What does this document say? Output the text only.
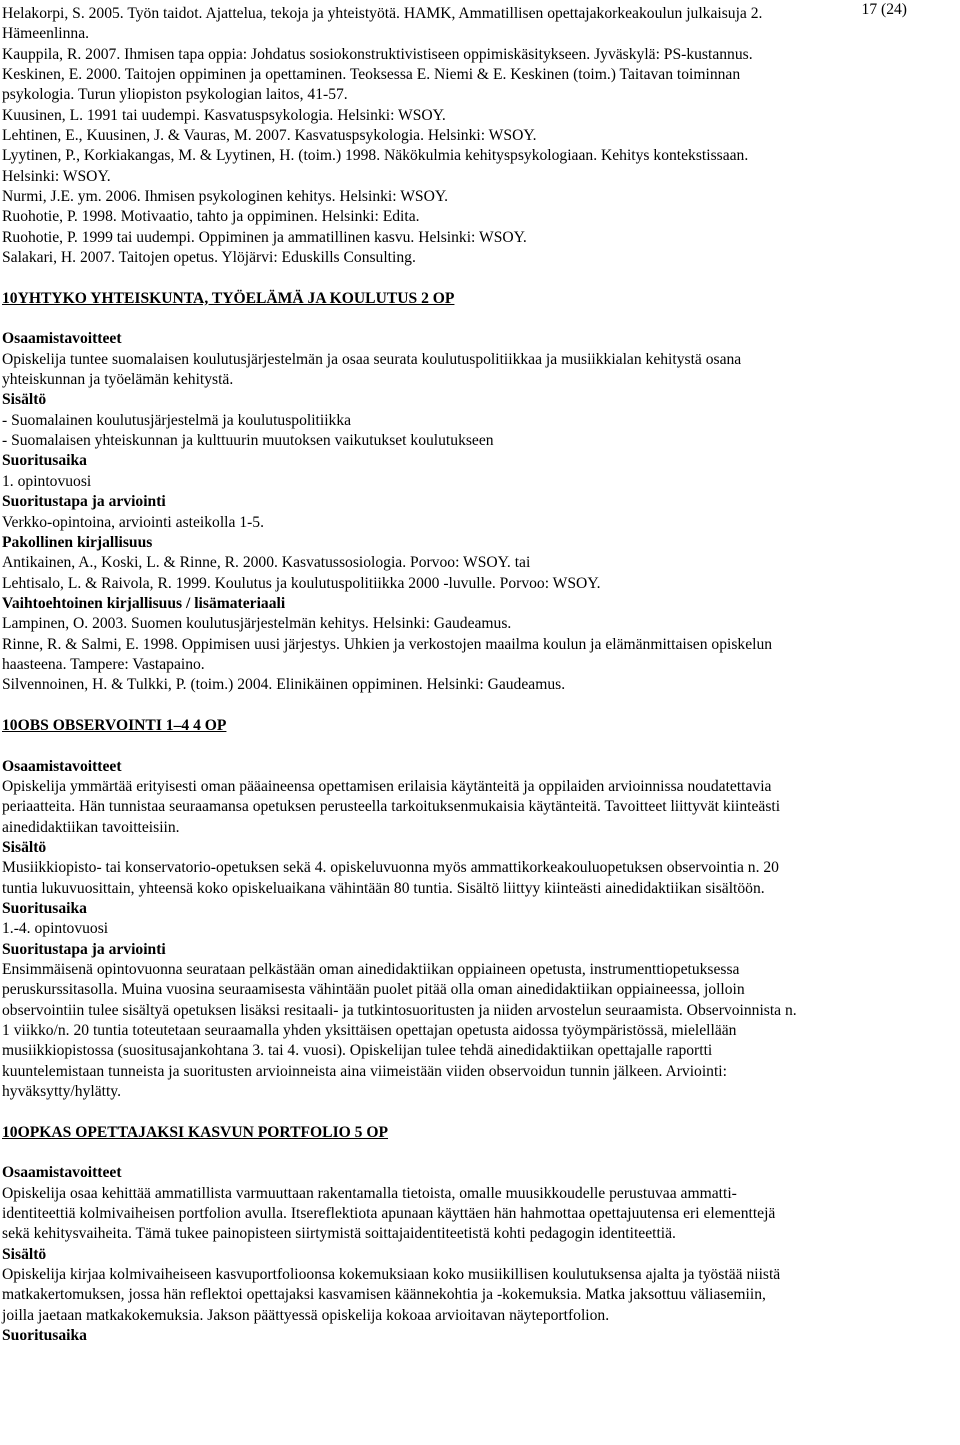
17 (24)
Helakorpi, S. 2005. Työn taidot. Ajattelua, tekoja ja yhteistyötä. HAMK, Ammatillisen opettajakorkeakoulun julkaisuja 2.
Hämeenlinna.
Kauppila, R. 2007. Ihmisen tapa oppia: Johdatus sosiokonstruktivistiseen oppimiskäsitykseen. Jyväskylä: PS-kustannus.
Keskinen, E. 2000. Taitojen oppiminen ja opettaminen. Teoksessa E. Niemi & E. Keskinen (toim.) Taitavan toiminnan
psykologia. Turun yliopiston psykologian laitos, 41-57.
Kuusinen, L. 1991 tai uudempi. Kasvatuspsykologia. Helsinki: WSOY.
Lehtinen, E., Kuusinen, J. & Vauras, M. 2007. Kasvatuspsykologia. Helsinki: WSOY.
Lyytinen, P., Korkiakangas, M. & Lyytinen, H. (toim.) 1998. Näkökulmia kehityspsykologiaan. Kehitys kontekstissaan.
Helsinki: WSOY.
Nurmi, J.E. ym. 2006. Ihmisen psykologinen kehitys. Helsinki: WSOY.
Ruohotie, P. 1998. Motivaatio, tahto ja oppiminen. Helsinki: Edita.
Ruohotie, P. 1999 tai uudempi. Oppiminen ja ammatillinen kasvu. Helsinki: WSOY.
Salakari, H. 2007. Taitojen opetus. Ylöjärvi: Eduskills Consulting.
10YHTYKO YHTEISKUNTA, TYÖELÄMÄ JA KOULUTUS 2 OP
Osaamistavoitteet
Opiskelija tuntee suomalaisen koulutusjärjestelmän ja osaa seurata koulutuspolitiikkaa ja musiikkialan kehitystä osana
yhteiskunnan ja työelämän kehitystä.
Sisältö
- Suomalainen koulutusjärjestelmä ja koulutuspolitiikka
- Suomalaisen yhteiskunnan ja kulttuurin muutoksen vaikutukset koulutukseen
Suoritusaika
1. opintovuosi
Suoritustapa ja arviointi
Verkko-opintoina, arviointi asteikolla 1-5.
Pakollinen kirjallisuus
Antikainen, A., Koski, L. & Rinne, R. 2000. Kasvatussosiologia. Porvoo: WSOY. tai
Lehtisalo, L. & Raivola, R. 1999. Koulutus ja koulutuspolitiikka 2000 -luvulle. Porvoo: WSOY.
Vaihtoehtoinen kirjallisuus / lisämateriaali
Lampinen, O. 2003. Suomen koulutusjärjestelmän kehitys. Helsinki: Gaudeamus.
Rinne, R. & Salmi, E. 1998. Oppimisen uusi järjestys. Uhkien ja verkostojen maailma koulun ja elämänmittaisen opiskelun
haasteena. Tampere: Vastapaino.
Silvennoinen, H. & Tulkki, P. (toim.) 2004. Elinikäinen oppiminen. Helsinki: Gaudeamus.
10OBS OBSERVOINTI 1–4 4 OP
Osaamistavoitteet
Opiskelija ymmärtää erityisesti oman pääaineensa opettamisen erilaisia käytänteitä ja oppilaiden arvioinnissa noudatettavia
periaatteita. Hän tunnistaa seuraamansa opetuksen perusteella tarkoituksenmukaisia käytänteitä. Tavoitteet liittyvät kiinteästi
ainedidaktiikan tavoitteisiin.
Sisältö
Musiikkiopisto- tai konservatorio-opetuksen sekä 4. opiskeluvuonna myös ammattikorkeakouluopetuksen observointia n. 20
tuntia lukuvuosittain, yhteensä koko opiskeluaikana vähintään 80 tuntia. Sisältö liittyy kiinteästi ainedidaktiikan sisältöön.
Suoritusaika
1.-4. opintovuosi
Suoritustapa ja arviointi
Ensimmäisenä opintovuonna seurataan pelkästään oman ainedidaktiikan oppiaineen opetusta, instrumenttiopetuksessa
peruskurssitasolla. Muina vuosina seuraamisesta vähintään puolet pitää olla oman ainedidaktiikan oppiaineessa, jolloin
observointiin tulee sisältyä opetuksen lisäksi resitaali- ja tutkintosuoritusten ja niiden arvostelun seuraamista. Observoinnista n.
1 viikko/n. 20 tuntia toteutetaan seuraamalla yhden yksittäisen opettajan opetusta aidossa työympäristössä, mielellään
musiikkiopistossa (suositusajankohtana 3. tai 4. vuosi). Opiskelijan tulee tehdä ainedidaktiikan opettajalle raportti
kuuntelemistaan tunneista ja suoritusten arvioinneista aina viimeistään viiden observoidun tunnin jälkeen. Arviointi:
hyväksytty/hylätty.
10OPKAS OPETTAJAKSI KASVUN PORTFOLIO 5 OP
Osaamistavoitteet
Opiskelija osaa kehittää ammatillista varmuuttaan rakentamalla tietoista, omalle muusikkoudelle perustuvaa ammatti-
identiteettiä kolmivaiheisen portfolion avulla. Itsereflektiota apunaan käyttäen hän hahmottaa opettajuutensa eri elementtejä
sekä kehitysvaiheita. Tämä tukee painopisteen siirtymistä soittajaidentiteetistä kohti pedagogin identiteettiä.
Sisältö
Opiskelija kirjaa kolmivaiheiseen kasvuportfolioonsa kokemuksiaan koko musiikillisen koulutuksensa ajalta ja työstää niistä
matkakertomuksen, jossa hän reflektoi opettajaksi kasvamisen käännekohtia ja -kokemuksia. Matka jaksottuu väliasemiin,
joilla jaetaan matkakokemuksia. Jakson päättyessä opiskelija kokoaa arvioitavan näyteportfolion.
Suoritusaika
